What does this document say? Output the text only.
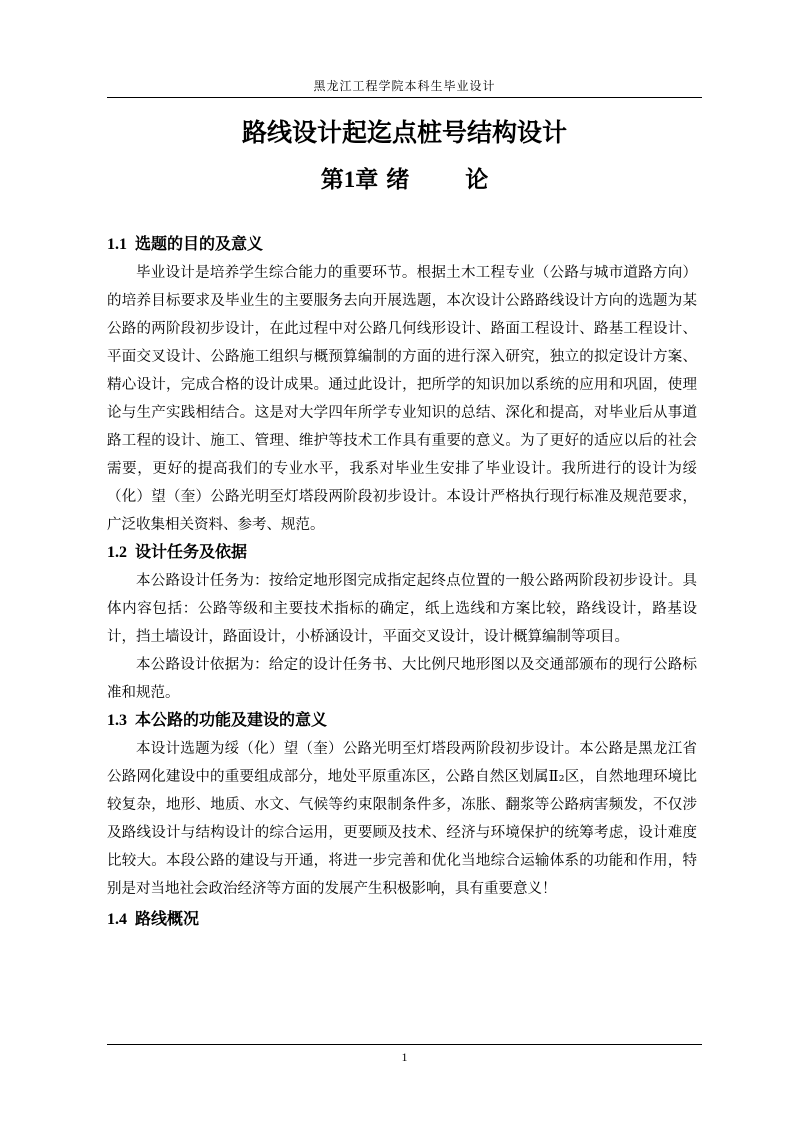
黑龙江工程学院本科生毕业设计
路线设计起迄点桩号结构设计
第1章 绪 论
1.1 选题的目的及意义

毕业设计是培养学生综合能力的重要环节。根据土木工程专业（公路与城市道路方向）的培养目标要求及毕业生的主要服务去向开展选题，本次设计公路路线设计方向的选题为某公路的两阶段初步设计，在此过程中对公路几何线形设计、路面工程设计、路基工程设计、平面交叉设计、公路施工组织与概预算编制的方面的进行深入研究，独立的拟定设计方案、精心设计，完成合格的设计成果。通过此设计，把所学的知识加以系统的应用和巩固，使理论与生产实践相结合。这是对大学四年所学专业知识的总结、深化和提高，对毕业后从事道路工程的设计、施工、管理、维护等技术工作具有重要的意义。为了更好的适应以后的社会需要，更好的提高我们的专业水平，我系对毕业生安排了毕业设计。我所进行的设计为绥（化）望（奎）公路光明至灯塔段两阶段初步设计。本设计严格执行现行标准及规范要求，广泛收集相关资料、参考、规范。

1.2 设计任务及依据

本公路设计任务为：按给定地形图完成指定起终点位置的一般公路两阶段初步设计。具体内容包括：公路等级和主要技术指标的确定，纸上选线和方案比较，路线设计，路基设计，挡土墙设计，路面设计，小桥涵设计，平面交叉设计，设计概算编制等项目。

本公路设计依据为：给定的设计任务书、大比例尺地形图以及交通部颁布的现行公路标准和规范。

1.3 本公路的功能及建设的意义

本设计选题为绥（化）望（奎）公路光明至灯塔段两阶段初步设计。本公路是黑龙江省公路网化建设中的重要组成部分，地处平原重冻区，公路自然区划属Ⅱ₂区，自然地理环境比较复杂，地形、地质、水文、气候等约束限制条件多，冻胀、翻浆等公路病害频发，不仅涉及路线设计与结构设计的综合运用，更要顾及技术、经济与环境保护的统筹考虑，设计难度比较大。本段公路的建设与开通，将进一步完善和优化当地综合运输体系的功能和作用，特别是对当地社会政治经济等方面的发展产生积极影响，具有重要意义！

1.4 路线概况
1
